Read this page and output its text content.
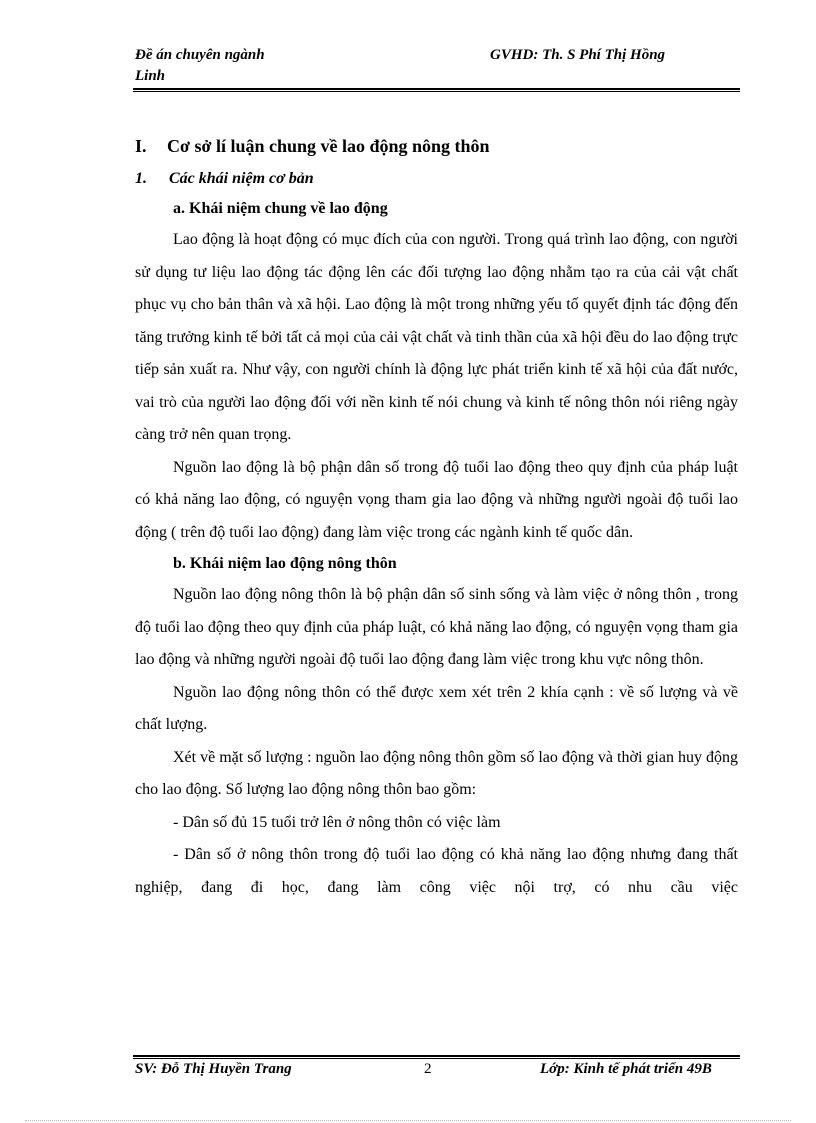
Đề án chuyên ngành
Linh
GVHD: Th. S Phí Thị Hồng

I. Cơ sở lí luận chung về lao động nông thôn

1. Các khái niệm cơ bản

a. Khái niệm chung về lao động

Lao động là hoạt động có mục đích của con người. Trong quá trình lao động, con người sử dụng tư liệu lao động tác động lên các đối tượng lao động nhằm tạo ra của cải vật chất phục vụ cho bản thân và xã hội. Lao động là một trong những yếu tố quyết định tác động đến tăng trưởng kinh tế bởi tất cả mọi của cải vật chất và tinh thần của xã hội đều do lao động trực tiếp sản xuất ra. Như vậy, con người chính là động lực phát triển kinh tế xã hội của đất nước, vai trò của người lao động đối với nền kinh tế nói chung và kinh tế nông thôn nói riêng ngày càng trở nên quan trọng.

Nguồn lao động là bộ phận dân số trong độ tuổi lao động theo quy định của pháp luật có khả năng lao động, có nguyện vọng tham gia lao động và những người ngoài độ tuổi lao động ( trên độ tuổi lao động) đang làm việc trong các ngành kinh tế quốc dân.

b. Khái niệm lao động nông thôn

Nguồn lao động nông thôn là bộ phận dân số sinh sống và làm việc ở nông thôn , trong độ tuổi lao động theo quy định của pháp luật, có khả năng lao động, có nguyện vọng tham gia lao động và những người ngoài độ tuổi lao động đang làm việc trong khu vực nông thôn.

Nguồn lao động nông thôn có thể được xem xét trên 2 khía cạnh : về số lượng và về chất lượng.

Xét về mặt số lượng : nguồn lao động nông thôn gồm số lao động và thời gian huy động cho lao động. Số lượng lao động nông thôn bao gồm:

- Dân số đủ 15 tuổi trở lên ở nông thôn có việc làm

- Dân số ở nông thôn trong độ tuổi lao động có khả năng lao động nhưng đang thất nghiệp, đang đi học, đang làm công việc nội trợ, có nhu cầu việc

SV: Đỗ Thị Huyền Trang	2	Lớp: Kinh tế phát triển 49B
